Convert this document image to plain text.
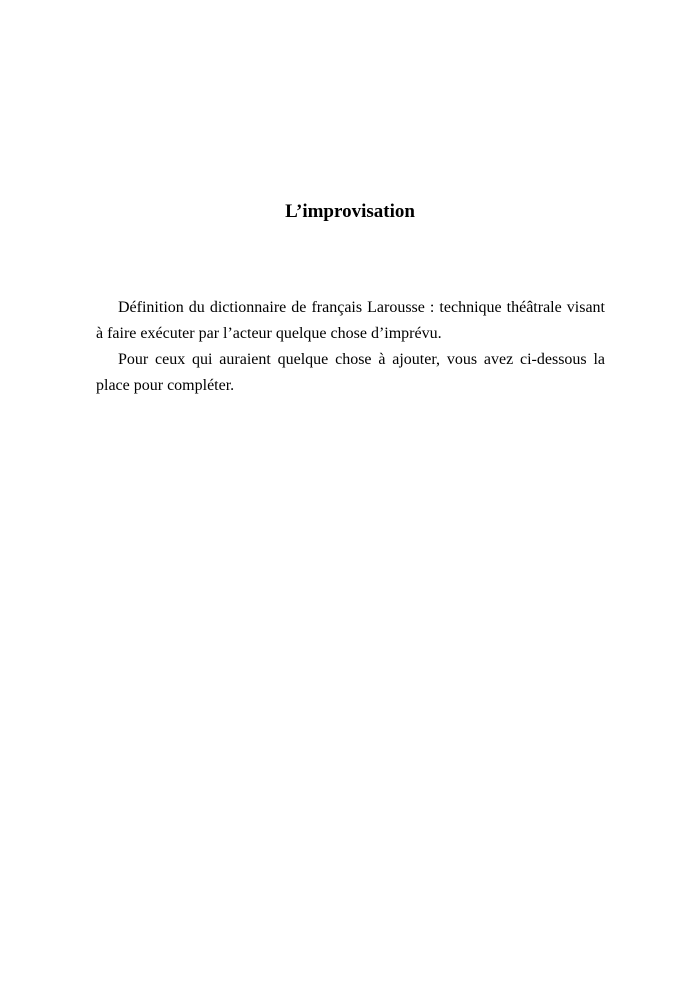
L’improvisation

Définition du dictionnaire de français Larousse : technique théâtrale visant à faire exécuter par l’acteur quelque chose d’imprévu.

Pour ceux qui auraient quelque chose à ajouter, vous avez ci-dessous la place pour compléter.
